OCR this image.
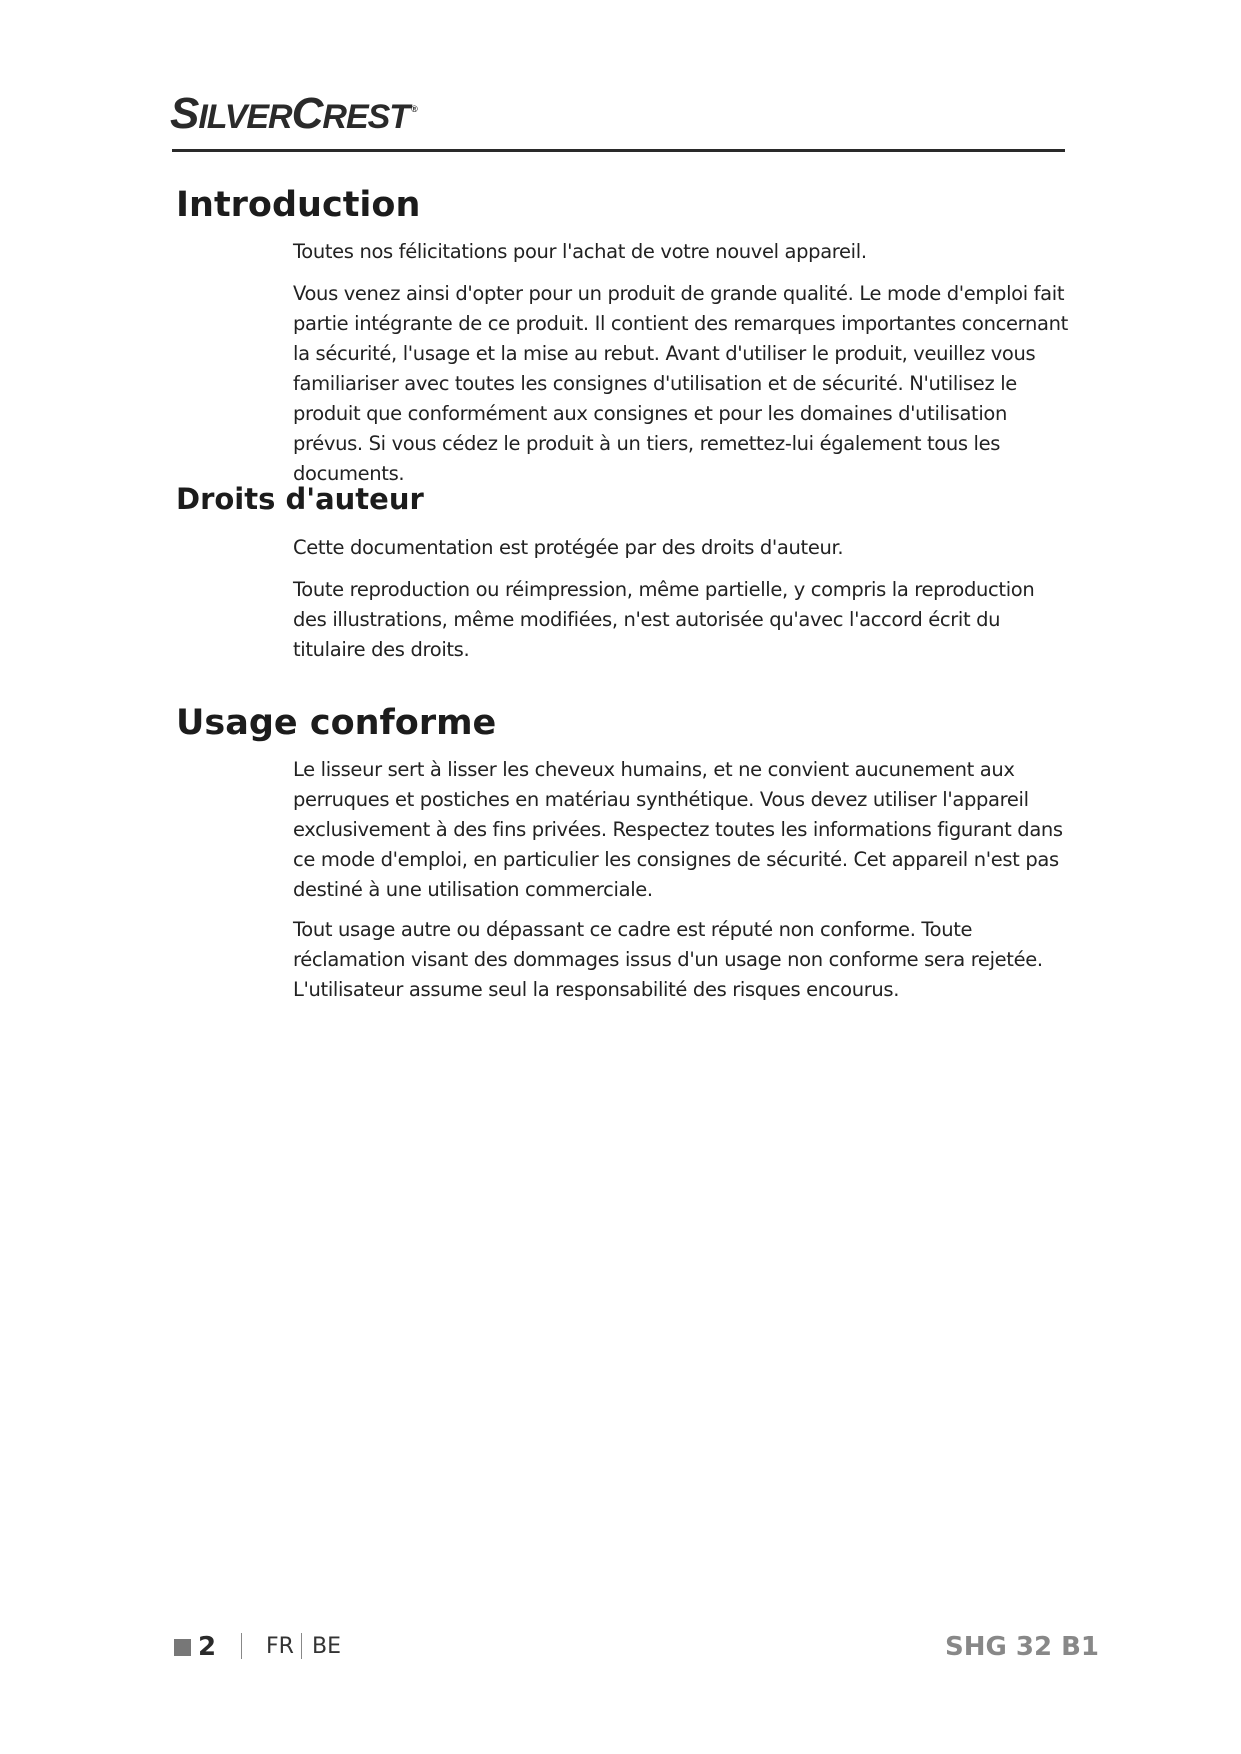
SILVERCREST ®
Introduction

Toutes nos félicitations pour l'achat de votre nouvel appareil.

Vous venez ainsi d'opter pour un produit de grande qualité. Le mode d'emploi fait partie intégrante de ce produit. Il contient des remarques importantes concernant la sécurité, l'usage et la mise au rebut. Avant d'utiliser le produit, veuillez vous familiariser avec toutes les consignes d'utilisation et de sécurité. N'utilisez le produit que conformément aux consignes et pour les domaines d'utilisation prévus. Si vous cédez le produit à un tiers, remettez-lui également tous les documents.

Droits d'auteur

Cette documentation est protégée par des droits d'auteur.

Toute reproduction ou réimpression, même partielle, y compris la reproduction des illustrations, même modifiées, n'est autorisée qu'avec l'accord écrit du titulaire des droits.

Usage conforme

Le lisseur sert à lisser les cheveux humains, et ne convient aucunement aux perruques et postiches en matériau synthétique. Vous devez utiliser l'appareil exclusivement à des fins privées. Respectez toutes les informations figurant dans ce mode d'emploi, en particulier les consignes de sécurité. Cet appareil n'est pas destiné à une utilisation commerciale.

Tout usage autre ou dépassant ce cadre est réputé non conforme. Toute réclamation visant des dommages issus d'un usage non conforme sera rejetée. L'utilisateur assume seul la responsabilité des risques encourus.

2 FR BE	SHG 32 B1
